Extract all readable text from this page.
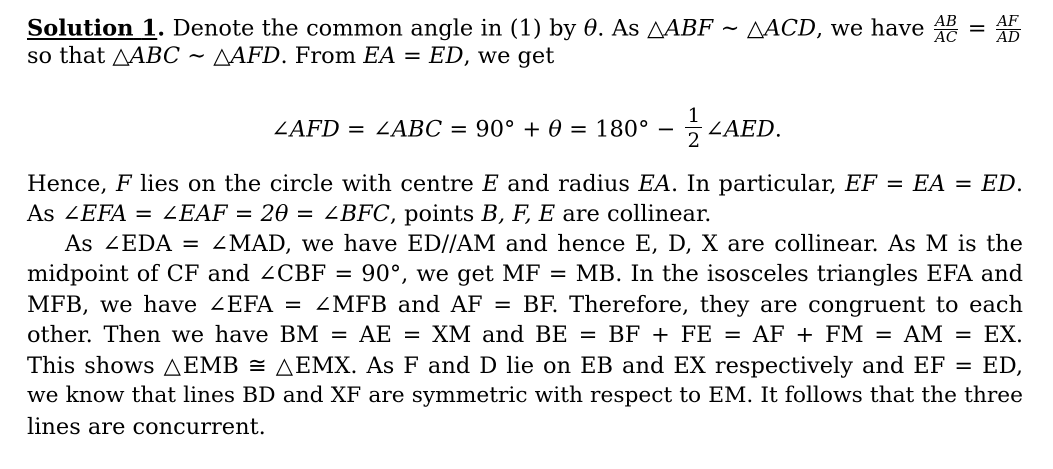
Solution 1. Denote the common angle in (1) by θ. As △ABF ∼ △ACD, we have $\frac{AB}{AC} = \frac{AF}{AD}$
so that △ABC ∼ △AFD. From EA = ED, we get
∠AFD = ∠ABC = $90^\circ + \theta = 180^\circ - \frac{1}{2}$ ∠AED.
Hence, F lies on the circle with centre E and radius EA. In particular, EF = EA = ED.
As ∠EFA = ∠EAF = 2θ = ∠BFC, points B, F, E are collinear.
As ∠EDA = ∠MAD, we have ED//AM and hence E, D, X are collinear. As M is the
midpoint of CF and ∠CBF = 90°, we get MF = MB. In the isosceles triangles EFA and
MFB, we have ∠EFA = ∠MFB and AF = BF. Therefore, they are congruent to each
other. Then we have BM = AE = XM and BE = BF + FE = AF + FM = AM = EX.
This shows △EMB ≅ △EMX. As F and D lie on EB and EX respectively and EF = ED,
we know that lines BD and XF are symmetric with respect to EM. It follows that the three
lines are concurrent.
